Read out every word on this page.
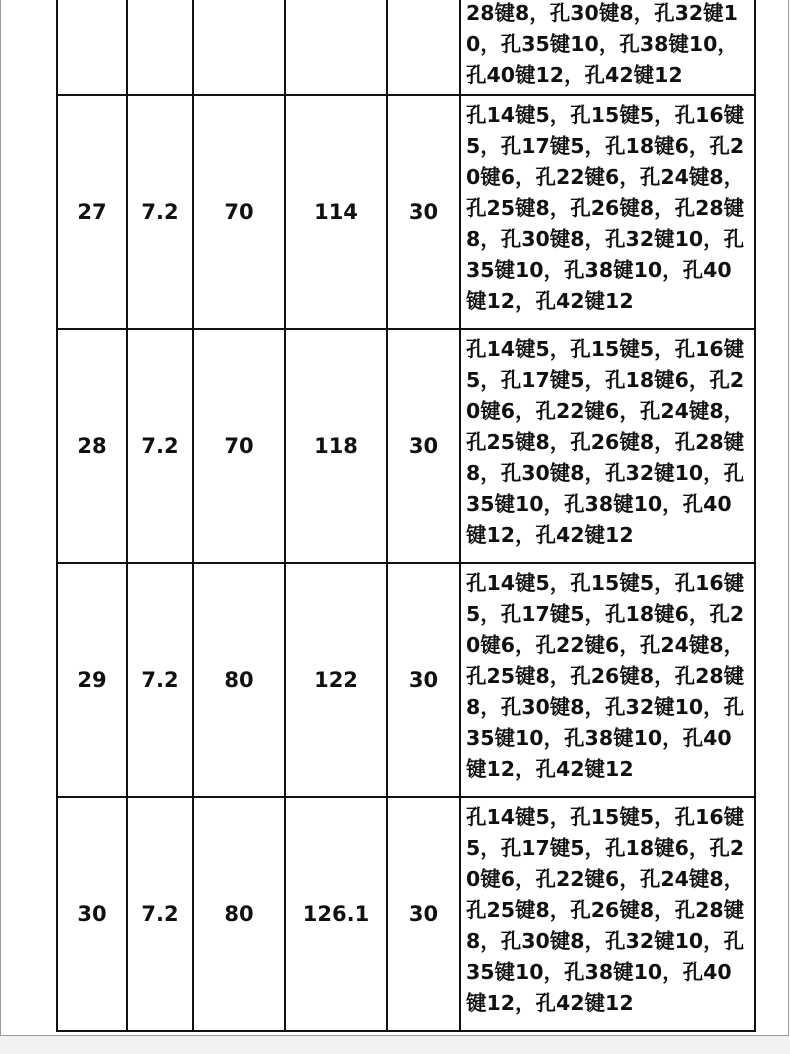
					28键8，孔30键8，孔32键10，孔35键10，孔38键10，孔40键12，孔42键12
27	7.2	70	114	30	孔14键5，孔15键5，孔16键5，孔17键5，孔18键6，孔20键6，孔22键6，孔24键8，孔25键8，孔26键8，孔28键8，孔30键8，孔32键10，孔35键10，孔38键10，孔40键12，孔42键12
28	7.2	70	118	30	孔14键5，孔15键5，孔16键5，孔17键5，孔18键6，孔20键6，孔22键6，孔24键8，孔25键8，孔26键8，孔28键8，孔30键8，孔32键10，孔35键10，孔38键10，孔40键12，孔42键12
29	7.2	80	122	30	孔14键5，孔15键5，孔16键5，孔17键5，孔18键6，孔20键6，孔22键6，孔24键8，孔25键8，孔26键8，孔28键8，孔30键8，孔32键10，孔35键10，孔38键10，孔40键12，孔42键12
30	7.2	80	126.1	30	孔14键5，孔15键5，孔16键5，孔17键5，孔18键6，孔20键6，孔22键6，孔24键8，孔25键8，孔26键8，孔28键8，孔30键8，孔32键10，孔35键10，孔38键10，孔40键12，孔42键12
